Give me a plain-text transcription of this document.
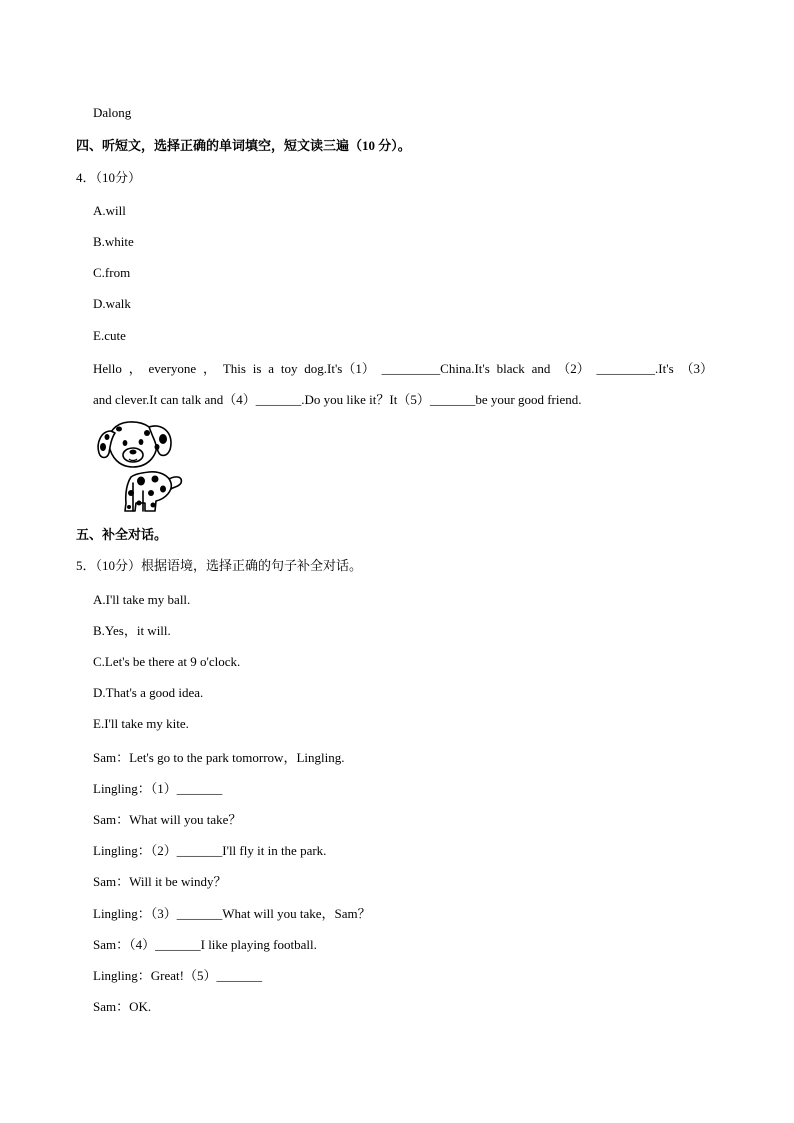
Dalong
四、听短文，选择正确的单词填空，短文读三遍（10 分）。
4．（10分）
A.will
B.white
C.from
D.walk
E.cute
Hello ， everyone ， This is a toy dog.It's（1） _________China.It's black and （2） _________.It's （3）
and clever.It can talk and（4）_______.Do you like it？It（5）_______be your good friend.
五、补全对话。
5．（10分）根据语境，选择正确的句子补全对话。
A.I'll take my ball.
B.Yes，it will.
C.Let's be there at 9 o'clock.
D.That's a good idea.
E.I'll take my kite.
Sam：Let's go to the park tomorrow，Lingling.
Lingling：（1）_______
Sam：What will you take？
Lingling：（2）_______I'll fly it in the park.
Sam：Will it be windy？
Lingling：（3）_______What will you take，Sam？
Sam：（4）_______I like playing football.
Lingling：Great!（5）_______
Sam：OK.
